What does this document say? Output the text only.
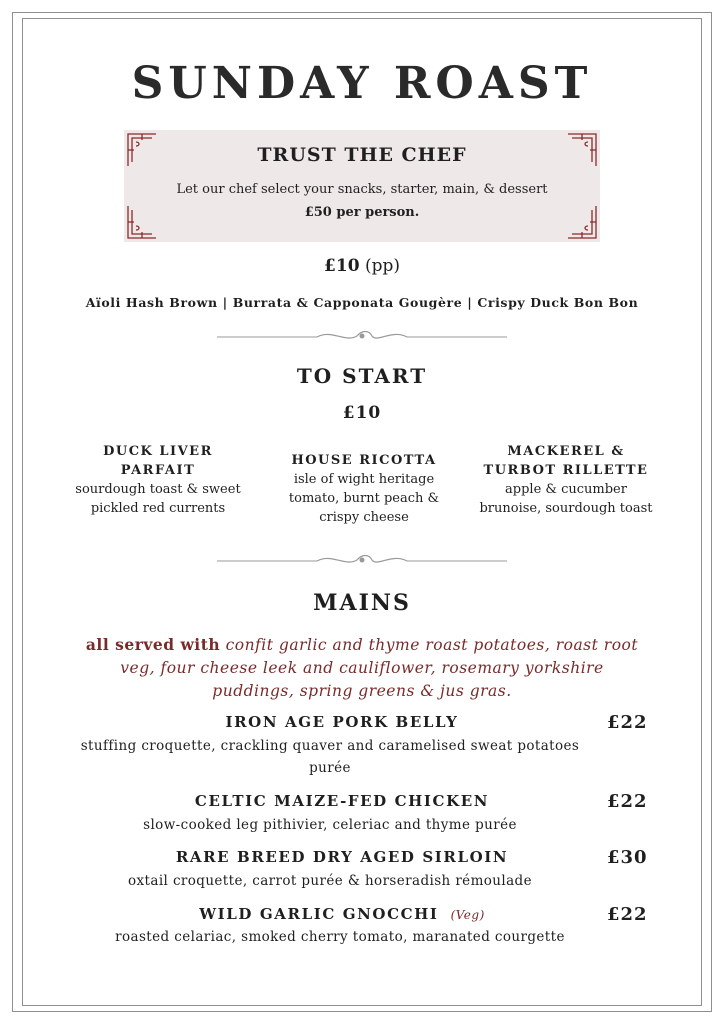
SUNDAY ROAST
TRUST THE CHEF
Let our chef select your snacks, starter, main, & dessert
£50 per person.
£10 (pp)
Aïoli Hash Brown | Burrata & Capponata Gougère | Crispy Duck Bon Bon
TO START
£10
DUCK LIVER PARFAIT
sourdough toast & sweet pickled red currents
HOUSE RICOTTA
isle of wight heritage tomato, burnt peach & crispy cheese
MACKEREL & TURBOT RILLETTE
apple & cucumber brunoise, sourdough toast
MAINS
all served with confit garlic and thyme roast potatoes, roast root veg, four cheese leek and cauliflower, rosemary yorkshire puddings, spring greens & jus gras.
IRON AGE PORK BELLY	£22
stuffing croquette, crackling quaver and caramelised sweat potatoes purée
CELTIC MAIZE-FED CHICKEN	£22
slow-cooked leg pithivier, celeriac and thyme purée
RARE BREED DRY AGED SIRLOIN	£30
oxtail croquette, carrot purée & horseradish rémoulade
WILD GARLIC GNOCCHI (Veg)	£22
roasted celariac, smoked cherry tomato, maranated courgette
